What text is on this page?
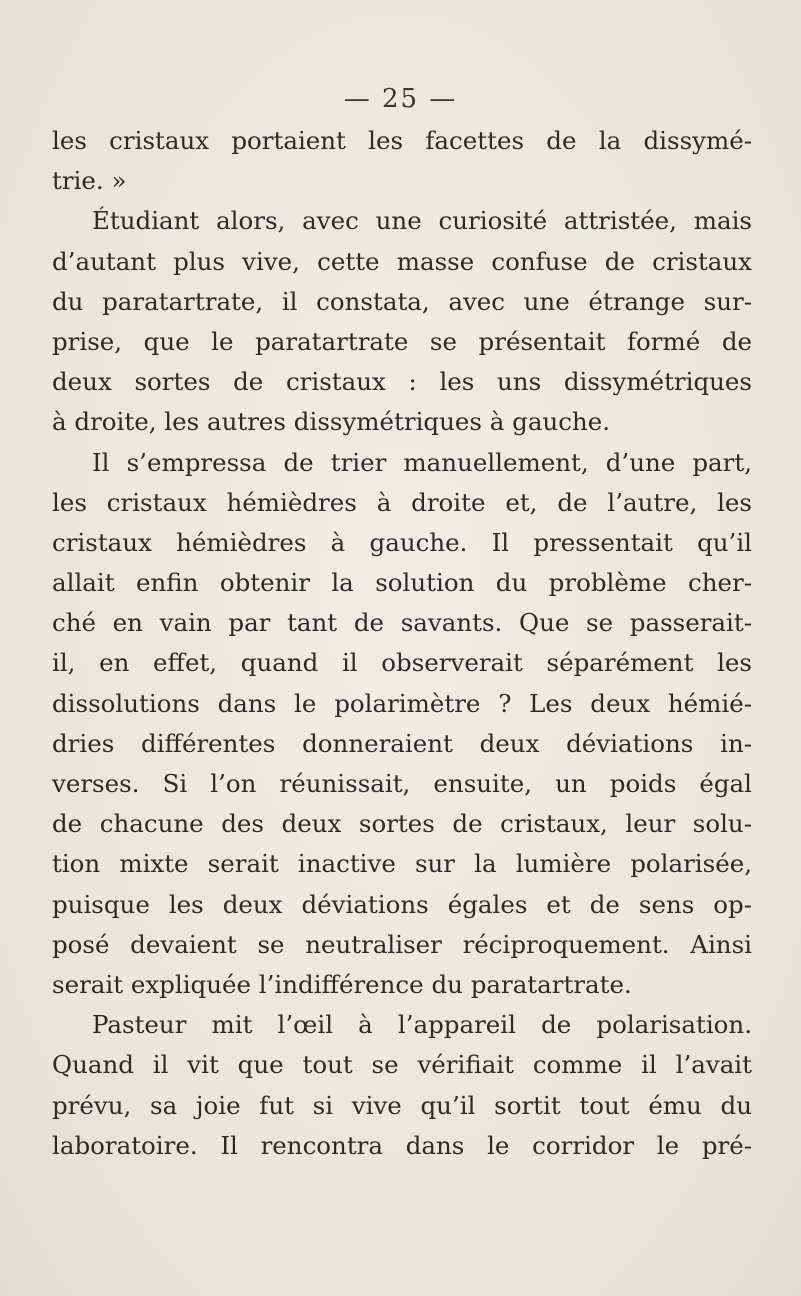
— 25 —
les cristaux portaient les facettes de la dissymé-
trie. »
Étudiant alors, avec une curiosité attristée, mais
d’autant plus vive, cette masse confuse de cristaux
du paratartrate, il constata, avec une étrange sur-
prise, que le paratartrate se présentait formé de
deux sortes de cristaux : les uns dissymétriques
à droite, les autres dissymétriques à gauche.
Il s’empressa de trier manuellement, d’une part,
les cristaux hémièdres à droite et, de l’autre, les
cristaux hémièdres à gauche. Il pressentait qu’il
allait enfin obtenir la solution du problème cher-
ché en vain par tant de savants. Que se passerait-
il, en effet, quand il observerait séparément les
dissolutions dans le polarimètre ? Les deux hémié-
dries différentes donneraient deux déviations in-
verses. Si l’on réunissait, ensuite, un poids égal
de chacune des deux sortes de cristaux, leur solu-
tion mixte serait inactive sur la lumière polarisée,
puisque les deux déviations égales et de sens op-
posé devaient se neutraliser réciproquement. Ainsi
serait expliquée l’indifférence du paratartrate.
Pasteur mit l’œil à l’appareil de polarisation.
Quand il vit que tout se vérifiait comme il l’avait
prévu, sa joie fut si vive qu’il sortit tout ému du
laboratoire. Il rencontra dans le corridor le pré-
